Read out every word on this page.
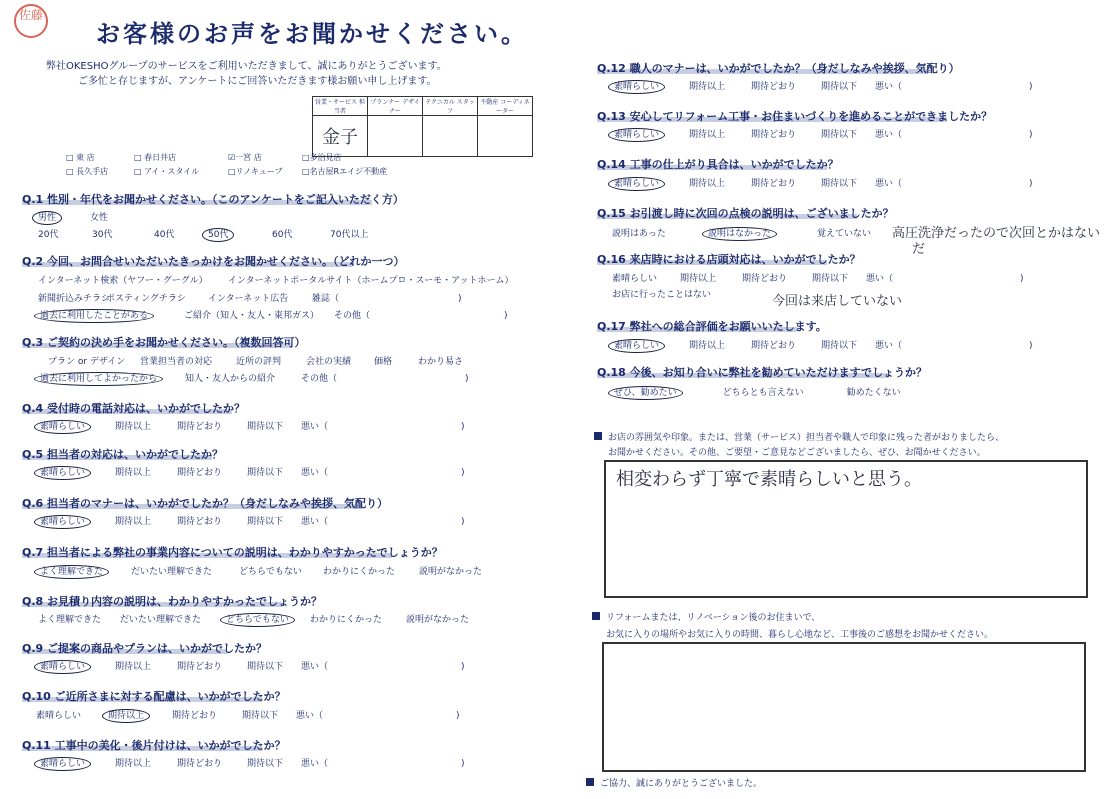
佐藤
お客様のお声をお聞かせください。
弊社OKESHOグループのサービスをご利用いただきまして、誠にありがとうございます。
ご多忙と存じますが、アンケートにご回答いただきます様お願い申し上げます。
営業・サービス 担当者	プランナー デザイナー	テクニカル スタッフ	不動産 コーディネーター
金子			
□ 東 店	□ 春日井店	☑一宮 店	□多治見店
□ 長久手店	□ アイ・スタイル	□リノキューブ □名古屋Rエイジ不動産
Q.1 性別・年代をお聞かせください。（このアンケートをご記入いただく方）
男性	女性
20代	30代	40代	50代	60代	70代以上
Q.2 今回、お問合せいただいたきっかけをお聞かせください。（どれか一つ）
インターネット検索（ヤフー・グーグル） インターネットポータルサイト（ホームプロ・スーモ・アットホーム）
新聞折込みチラシポスティングチラシ インターネット広告	雑誌（	)
過去に利用したことがある	ご紹介（知人・友人・東邦ガス） その他（	)
Q.3 ご契約の決め手をお聞かせください。（複数回答可）
プラン or デザイン 営業担当者の対応	近所の評判	会社の実績	価格	わかり易さ
過去に利用してよかったから	知人・友人からの紹介	その他（	)
Q.4 受付時の電話対応は、いかがでしたか？
素晴らしい	期待以上	期待どおり	期待以下 悪い（	)
Q.5 担当者の対応は、いかがでしたか？
素晴らしい	期待以上	期待どおり	期待以下 悪い（	)
Q.6 担当者のマナーは、いかがでしたか？（身だしなみや挨拶、気配り）
素晴らしい	期待以上	期待どおり	期待以下 悪い（	)
Q.7 担当者による弊社の事業内容についての説明は、わかりやすかったでしょうか？
よく理解できた	だいたい理解できた	どちらでもない わかりにくかった	説明がなかった
Q.8 お見積り内容の説明は、わかりやすかったでしょうか？
よく理解できた だいたい理解できた	どちらでもない わかりにくかった	説明がなかった
Q.9 ご提案の商品やプランは、いかがでしたか？
素晴らしい	期待以上	期待どおり	期待以下 悪い（	)
Q.10 ご近所さまに対する配慮は、いかがでしたか？
素晴らしい	期待以上	期待どおり	期待以下 悪い（	)
Q.11 工事中の美化・後片付けは、いかがでしたか？
素晴らしい	期待以上	期待どおり	期待以下 悪い（	)
Q.12 職人のマナーは、いかがでしたか？（身だしなみや挨拶、気配り）
素晴らしい	期待以上	期待どおり	期待以下 悪い（	)
Q.13 安心してリフォーム工事・お住まいづくりを進めることができましたか？
素晴らしい	期待以上	期待どおり	期待以下 悪い（	)
Q.14 工事の仕上がり具合は、いかがでしたか？
素晴らしい	期待以上	期待どおり	期待以下 悪い（	)
Q.15 お引渡し時に次回の点検の説明は、ございましたか？
説明はあった	説明はなかった	覚えていない 高圧洗浄だったので次回とかはない
だ
Q.16 来店時における店頭対応は、いかがでしたか？
素晴らしい	期待以上	期待どおり	期待以下 悪い（	)
お店に行ったことはない	今回は来店していない
Q.17 弊社への総合評価をお願いいたします。
素晴らしい	期待以上	期待どおり	期待以下 悪い（	)
Q.18 今後、お知り合いに弊社を勧めていただけますでしょうか？
ぜひ、勧めたい	どちらとも言えない	勧めたくない
お店の雰囲気や印象。または、営業（サービス）担当者や職人で印象に残った者がおりましたら、
お聞かせください。その他、ご要望・ご意見などございましたら、ぜひ、お聞かせください。
相変わらず丁寧で素晴らしいと思う。
リフォームまたは、リノベーション後のお住まいで、
お気に入りの場所やお気に入りの時間、暮らし心地など、工事後のご感想をお聞かせください。
ご協力、誠にありがとうございました。
